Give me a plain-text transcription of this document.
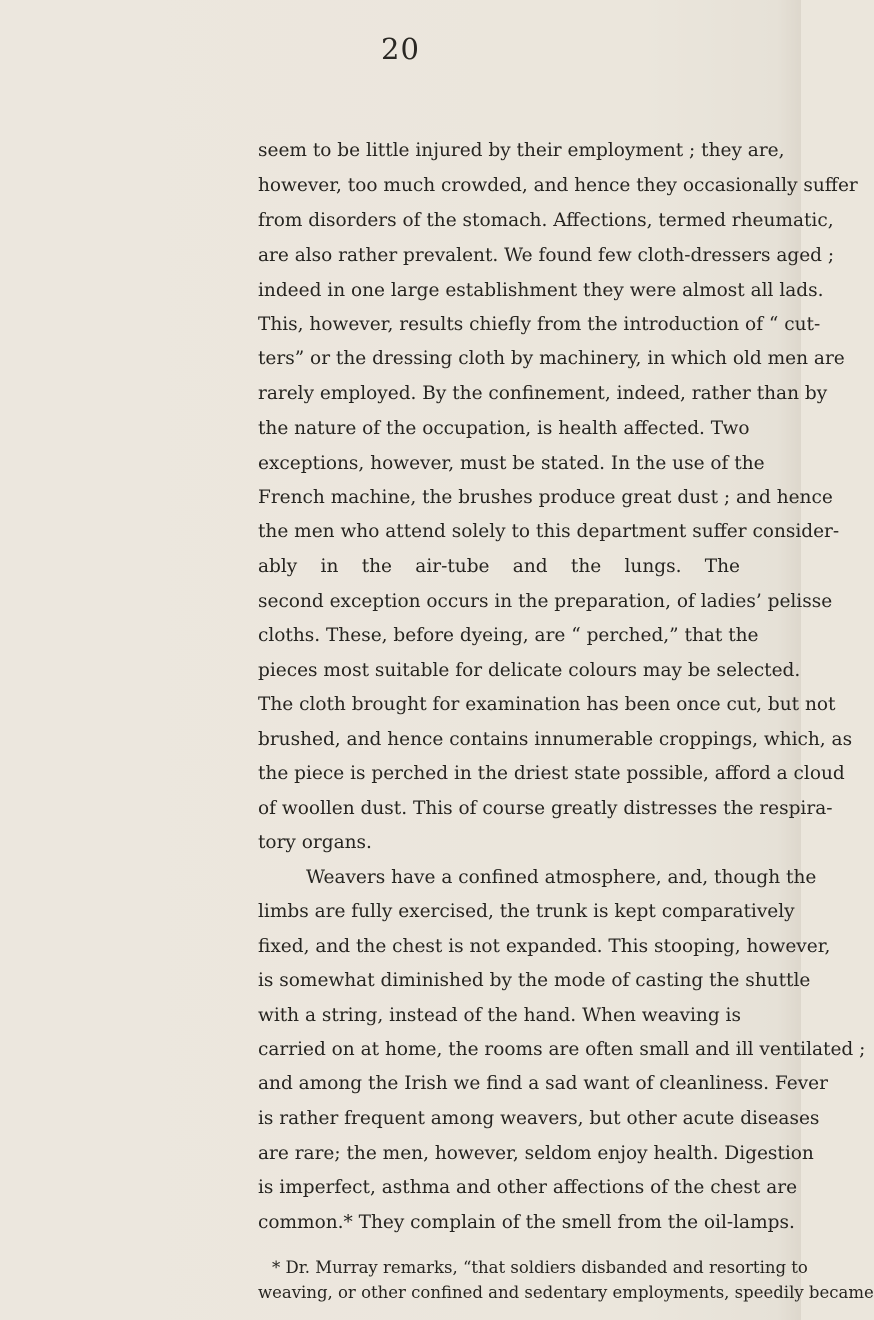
20
seem to be little injured by their employment ; they are,
however, too much crowded, and hence they occasionally suffer
from disorders of the stomach. Affections, termed rheumatic,
are also rather prevalent. We found few cloth-dressers aged ;
indeed in one large establishment they were almost all lads.
This, however, results chiefly from the introduction of “ cut-
ters” or the dressing cloth by machinery, in which old men are
rarely employed. By the confinement, indeed, rather than by
the nature of the occupation, is health affected. Two
exceptions, however, must be stated. In the use of the
French machine, the brushes produce great dust ; and hence
the men who attend solely to this department suffer consider-
ably in the air-tube and the lungs. The
second exception occurs in the preparation, of ladies’ pelisse
cloths. These, before dyeing, are “ perched,” that the
pieces most suitable for delicate colours may be selected.
The cloth brought for examination has been once cut, but not
brushed, and hence contains innumerable croppings, which, as
the piece is perched in the driest state possible, afford a cloud
of woollen dust. This of course greatly distresses the respira-
tory organs.
Weavers have a confined atmosphere, and, though the
limbs are fully exercised, the trunk is kept comparatively
fixed, and the chest is not expanded. This stooping, however,
is somewhat diminished by the mode of casting the shuttle
with a string, instead of the hand. When weaving is
carried on at home, the rooms are often small and ill ventilated ;
and among the Irish we find a sad want of cleanliness. Fever
is rather frequent among weavers, but other acute diseases
are rare; the men, however, seldom enjoy health. Digestion
is imperfect, asthma and other affections of the chest are
common.* They complain of the smell from the oil-lamps.
* Dr. Murray remarks, “that soldiers disbanded and resorting to
weaving, or other confined and sedentary employments, speedily became
